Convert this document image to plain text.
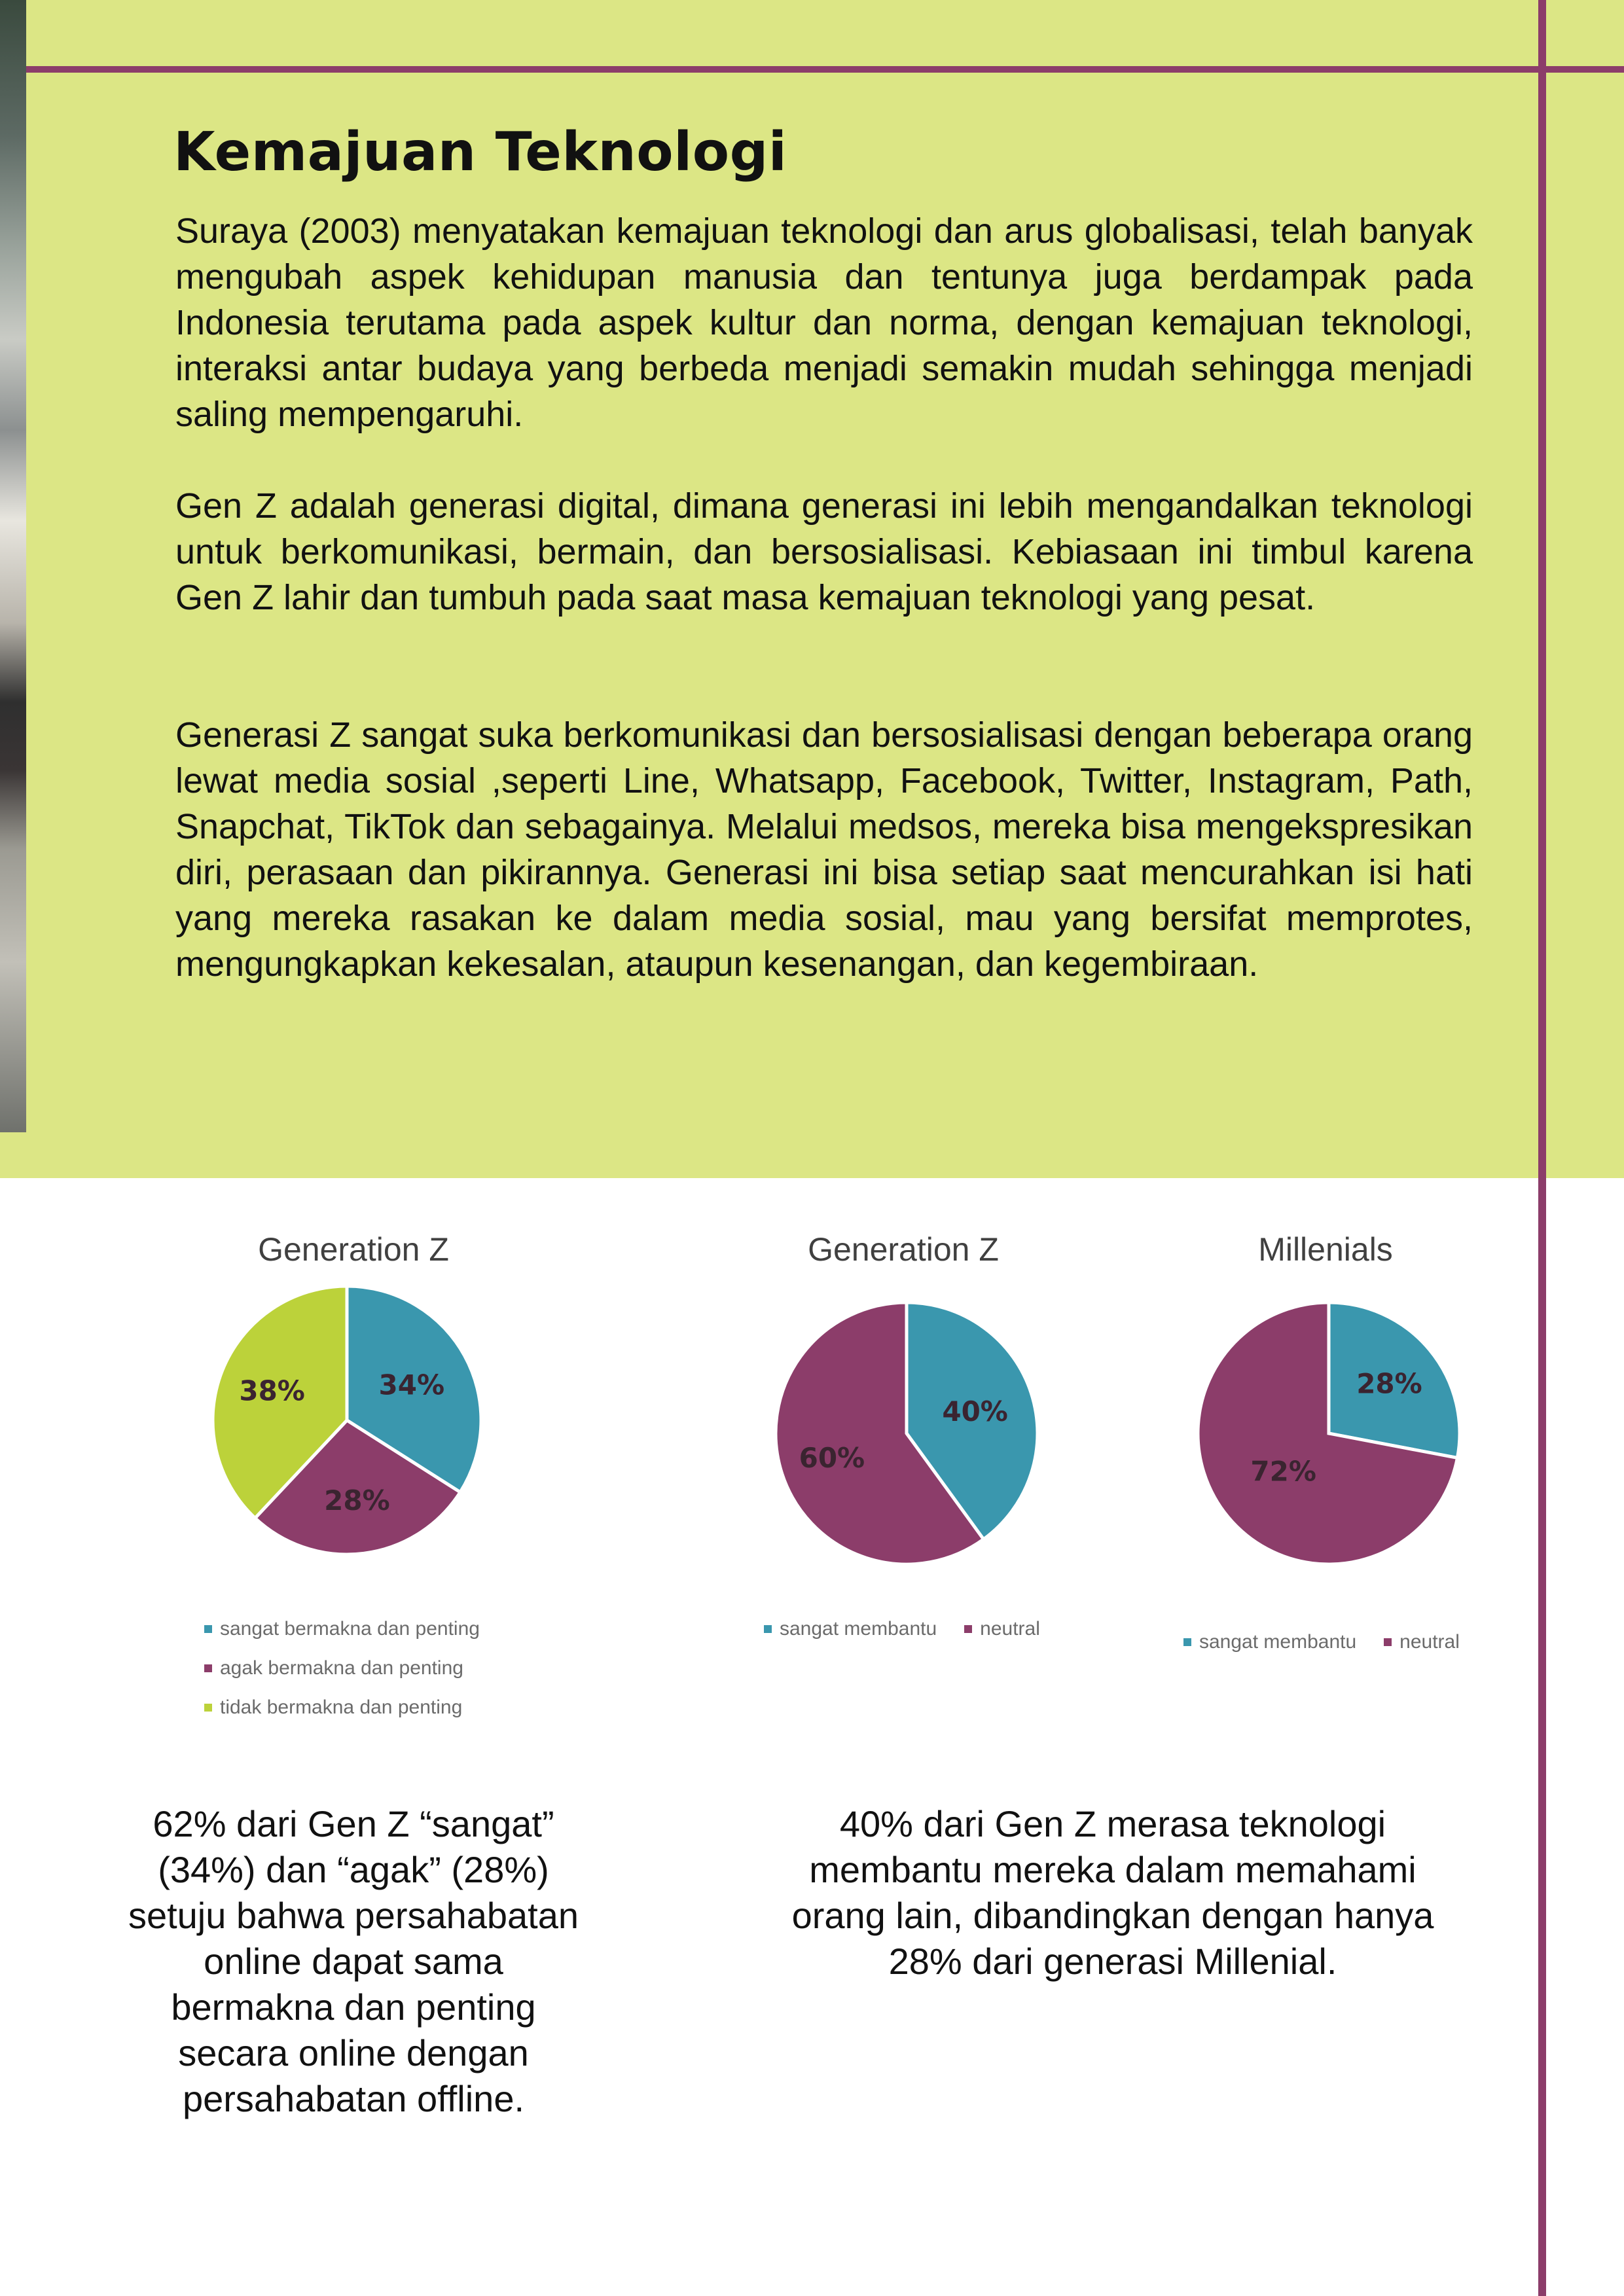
Kemajuan Teknologi

Suraya (2003) menyatakan kemajuan teknologi dan arus globalisasi, telah banyak mengubah aspek kehidupan manusia dan tentunya juga berdampak pada Indonesia terutama pada aspek kultur dan norma, dengan kemajuan teknologi, interaksi antar budaya yang berbeda menjadi semakin mudah sehingga menjadi saling mempengaruhi.

Gen Z adalah generasi digital, dimana generasi ini lebih mengandalkan teknologi untuk berkomunikasi, bermain, dan bersosialisasi. Kebiasaan ini timbul karena Gen Z lahir dan tumbuh pada saat masa kemajuan teknologi yang pesat.

Generasi Z sangat suka berkomunikasi dan bersosialisasi dengan beberapa orang lewat media sosial ,seperti Line, Whatsapp, Facebook, Twitter, Instagram, Path, Snapchat, TikTok dan sebagainya. Melalui medsos, mereka bisa mengekspresikan diri, perasaan dan pikirannya. Generasi ini bisa setiap saat mencurahkan isi hati yang mereka rasakan ke dalam media sosial, mau yang bersifat memprotes, mengungkapkan kekesalan, ataupun kesenangan, dan kegembiraan.

Generation Z
34%
28%
38%
sangat bermakna dan penting
agak bermakna dan penting
tidak bermakna dan penting
Generation Z
40%
60%
sangat membantu neutral
Millenials
28%
72%
sangat membantu neutral

62% dari Gen Z “sangat” (34%) dan “agak” (28%) setuju bahwa persahabatan online dapat sama bermakna dan penting secara online dengan persahabatan offline.

40% dari Gen Z merasa teknologi membantu mereka dalam memahami orang lain, dibandingkan dengan hanya 28% dari generasi Millenial.
